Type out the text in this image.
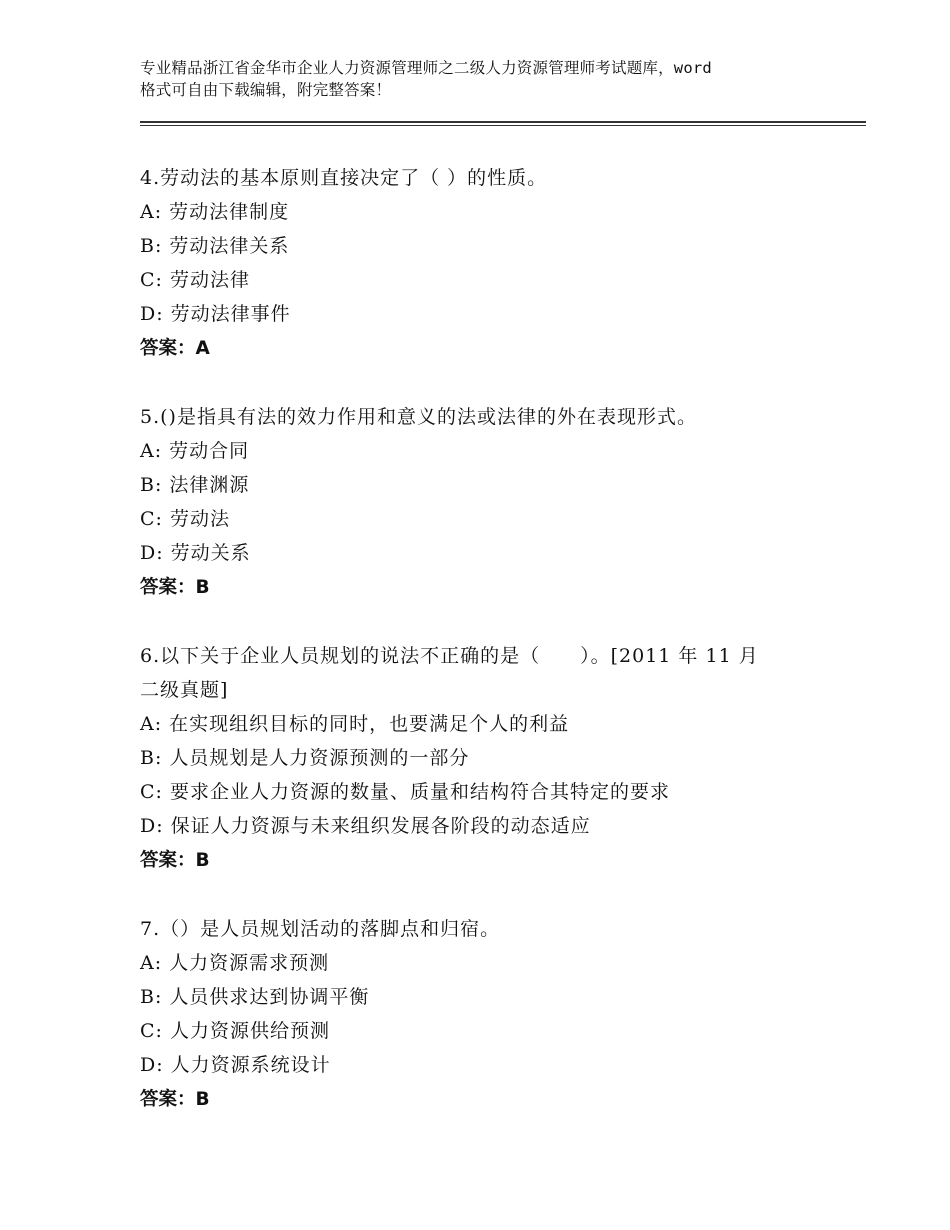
专业精品浙江省金华市企业人力资源管理师之二级人力资源管理师考试题库，word
格式可自由下载编辑，附完整答案！

4.劳动法的基本原则直接决定了（ ）的性质。

A: 劳动法律制度

B: 劳动法律关系

C: 劳动法律

D: 劳动法律事件

答案：A

5.()是指具有法的效力作用和意义的法或法律的外在表现形式。

A: 劳动合同

B: 法律渊源

C: 劳动法

D: 劳动关系

答案：B

6.以下关于企业人员规划的说法不正确的是（　　）。[2011 年 11 月

二级真题]

A: 在实现组织目标的同时，也要满足个人的利益

B: 人员规划是人力资源预测的一部分

C: 要求企业人力资源的数量、质量和结构符合其特定的要求

D: 保证人力资源与未来组织发展各阶段的动态适应

答案：B

7.（）是人员规划活动的落脚点和归宿。

A: 人力资源需求预测

B: 人员供求达到协调平衡

C: 人力资源供给预测

D: 人力资源系统设计

答案：B
